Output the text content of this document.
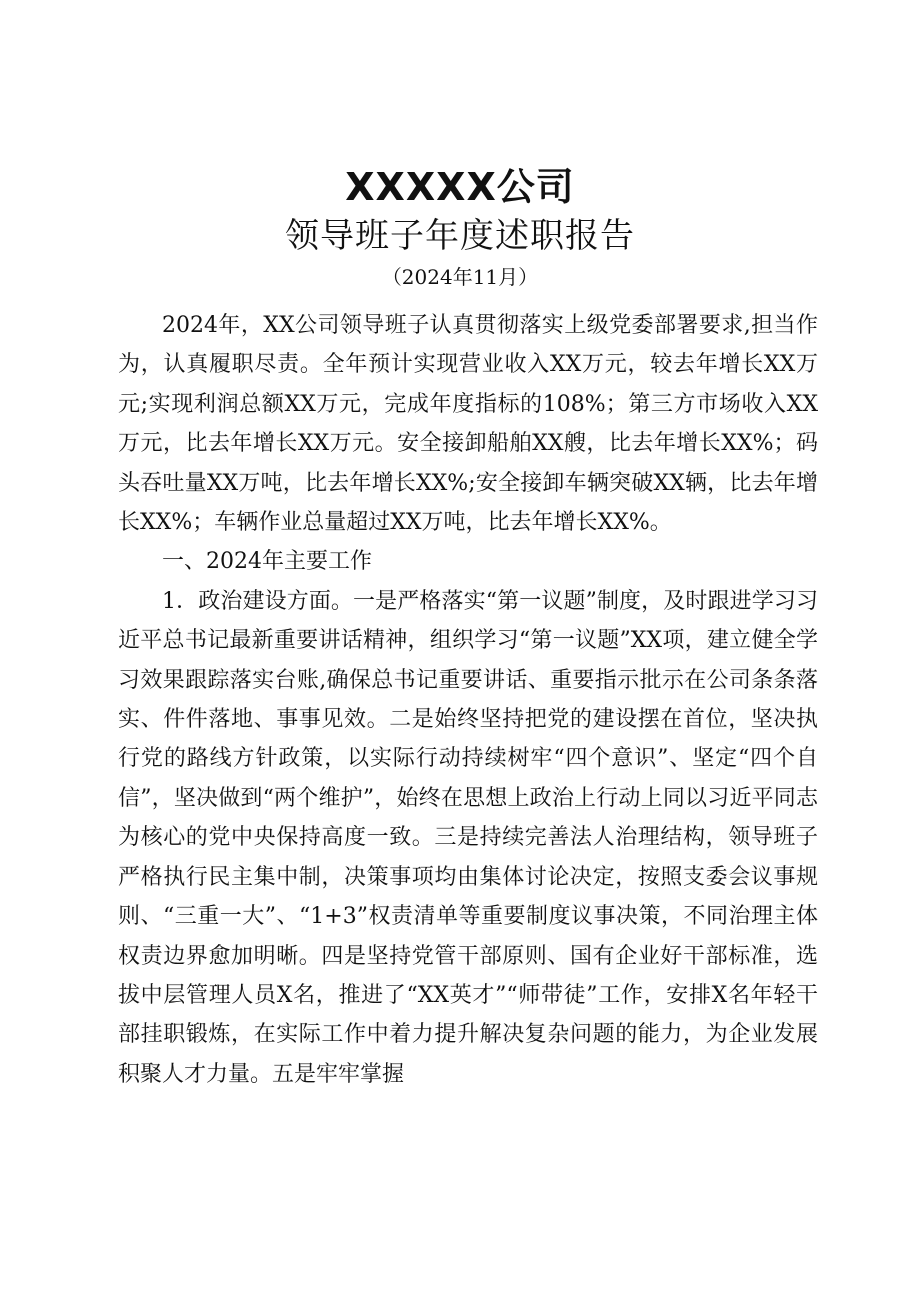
XXXXX公司
领导班子年度述职报告
（2024年11月）

2024年，XX公司领导班子认真贯彻落实上级党委部署要求,担当作为，认真履职尽责。全年预计实现营业收入XX万元，较去年增长XX万元;实现利润总额XX万元，完成年度指标的108%；第三方市场收入XX万元，比去年增长XX万元。安全接卸船舶XX艘，比去年增长XX%；码头吞吐量XX万吨，比去年增长XX%;安全接卸车辆突破XX辆，比去年增长XX%；车辆作业总量超过XX万吨，比去年增长XX%。

一、2024年主要工作

1．政治建设方面。一是严格落实“第一议题”制度，及时跟进学习习近平总书记最新重要讲话精神，组织学习“第一议题”XX项，建立健全学习效果跟踪落实台账,确保总书记重要讲话、重要指示批示在公司条条落实、件件落地、事事见效。二是始终坚持把党的建设摆在首位，坚决执行党的路线方针政策，以实际行动持续树牢“四个意识”、坚定“四个自信”，坚决做到“两个维护”，始终在思想上政治上行动上同以习近平同志为核心的党中央保持高度一致。三是持续完善法人治理结构，领导班子严格执行民主集中制，决策事项均由集体讨论决定，按照支委会议事规则、“三重一大”、“1+3”权责清单等重要制度议事决策，不同治理主体权责边界愈加明晰。四是坚持党管干部原则、国有企业好干部标准，选拔中层管理人员X名，推进了“XX英才”“师带徒”工作，安排X名年轻干部挂职锻炼，在实际工作中着力提升解决复杂问题的能力，为企业发展积聚人才力量。五是牢牢掌握
